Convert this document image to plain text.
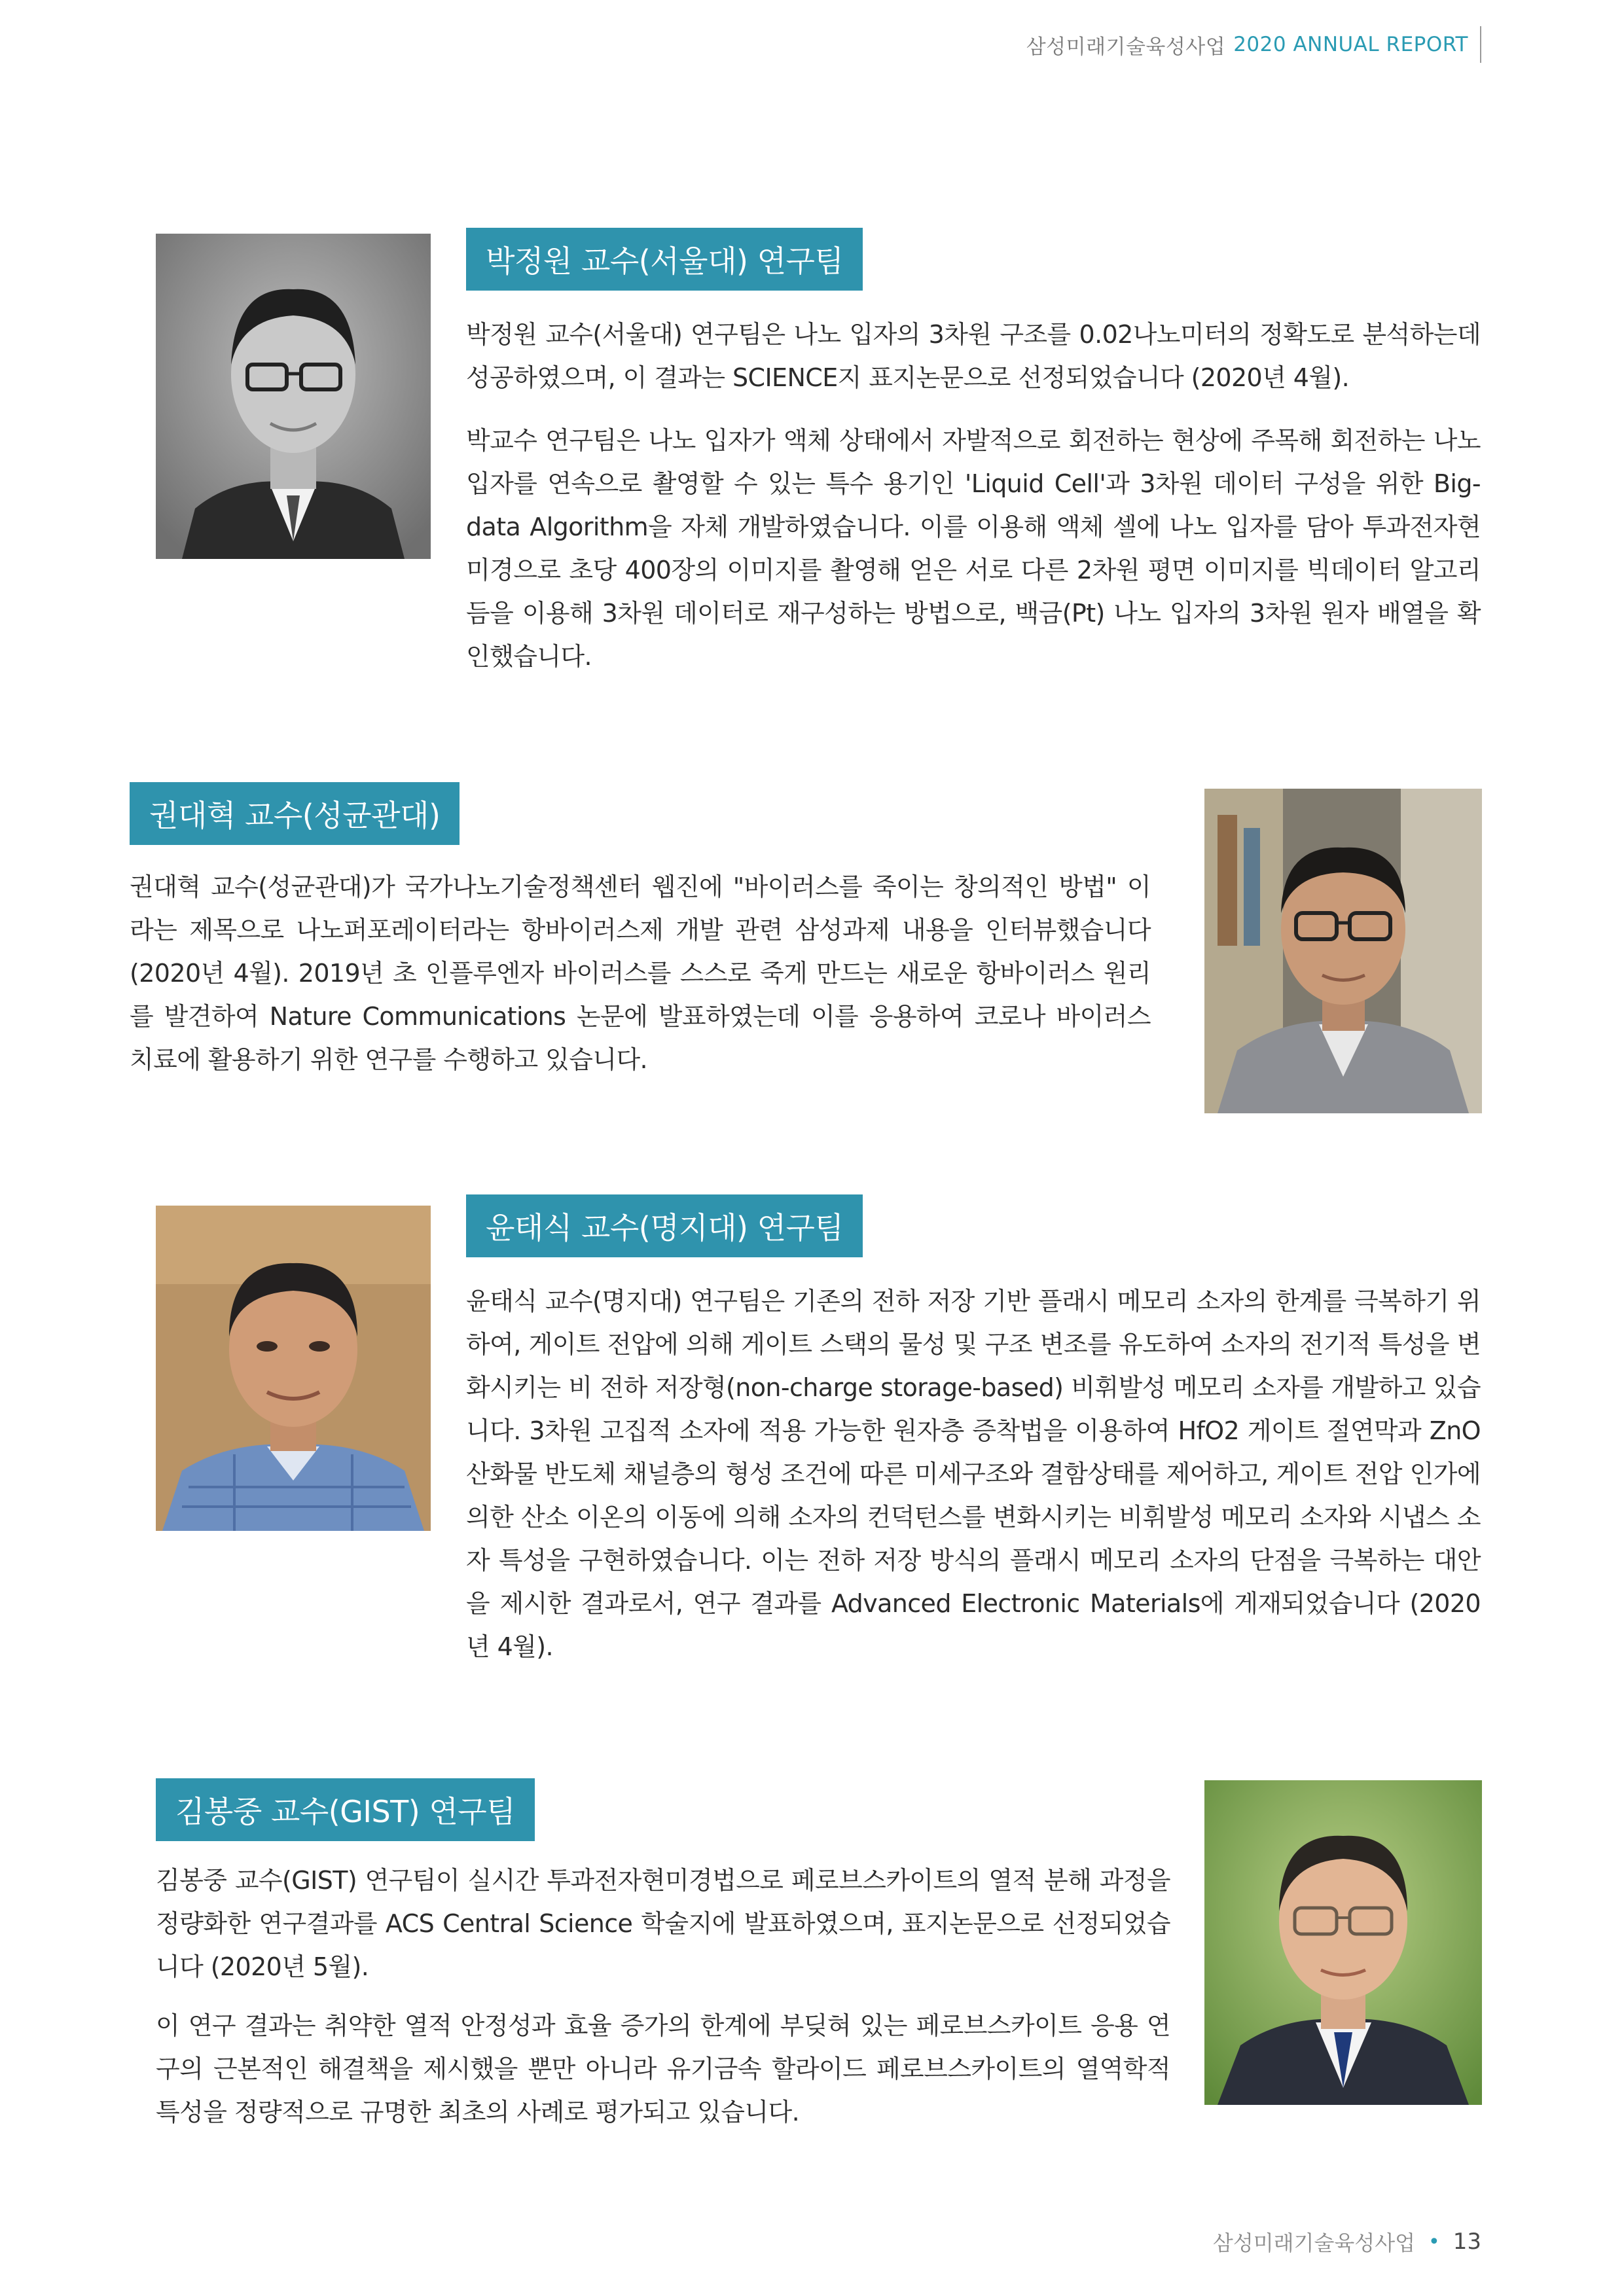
삼성미래기술육성사업 2020 ANNUAL REPORT
박정원 교수(서울대) 연구팀

박정원 교수(서울대) 연구팀은 나노 입자의 3차원 구조를 0.02나노미터의 정확도로 분석하는데 성공하였으며, 이 결과는 SCIENCE지 표지논문으로 선정되었습니다 (2020년 4월).

박교수 연구팀은 나노 입자가 액체 상태에서 자발적으로 회전하는 현상에 주목해 회전하는 나노 입자를 연속으로 촬영할 수 있는 특수 용기인 'Liquid Cell'과 3차원 데이터 구성을 위한 Big-data Algorithm을 자체 개발하였습니다. 이를 이용해 액체 셀에 나노 입자를 담아 투과전자현미경으로 초당 400장의 이미지를 촬영해 얻은 서로 다른 2차원 평면 이미지를 빅데이터 알고리듬을 이용해 3차원 데이터로 재구성하는 방법으로, 백금(Pt) 나노 입자의 3차원 원자 배열을 확인했습니다.

권대혁 교수(성균관대)

권대혁 교수(성균관대)가 국가나노기술정책센터 웹진에 "바이러스를 죽이는 창의적인 방법" 이라는 제목으로 나노퍼포레이터라는 항바이러스제 개발 관련 삼성과제 내용을 인터뷰했습니다(2020년 4월). 2019년 초 인플루엔자 바이러스를 스스로 죽게 만드는 새로운 항바이러스 원리를 발견하여 Nature Communications 논문에 발표하였는데 이를 응용하여 코로나 바이러스 치료에 활용하기 위한 연구를 수행하고 있습니다.

윤태식 교수(명지대) 연구팀

윤태식 교수(명지대) 연구팀은 기존의 전하 저장 기반 플래시 메모리 소자의 한계를 극복하기 위하여, 게이트 전압에 의해 게이트 스택의 물성 및 구조 변조를 유도하여 소자의 전기적 특성을 변화시키는 비 전하 저장형(non-charge storage-based) 비휘발성 메모리 소자를 개발하고 있습니다. 3차원 고집적 소자에 적용 가능한 원자층 증착법을 이용하여 HfO2 게이트 절연막과 ZnO 산화물 반도체 채널층의 형성 조건에 따른 미세구조와 결함상태를 제어하고, 게이트 전압 인가에 의한 산소 이온의 이동에 의해 소자의 컨덕턴스를 변화시키는 비휘발성 메모리 소자와 시냅스 소자 특성을 구현하였습니다. 이는 전하 저장 방식의 플래시 메모리 소자의 단점을 극복하는 대안을 제시한 결과로서, 연구 결과를 Advanced Electronic Materials에 게재되었습니다 (2020년 4월).

김봉중 교수(GIST) 연구팀

김봉중 교수(GIST) 연구팀이 실시간 투과전자현미경법으로 페로브스카이트의 열적 분해 과정을 정량화한 연구결과를 ACS Central Science 학술지에 발표하였으며, 표지논문으로 선정되었습니다 (2020년 5월).

이 연구 결과는 취약한 열적 안정성과 효율 증가의 한계에 부딪혀 있는 페로브스카이트 응용 연구의 근본적인 해결책을 제시했을 뿐만 아니라 유기금속 할라이드 페로브스카이트의 열역학적 특성을 정량적으로 규명한 최초의 사례로 평가되고 있습니다.

삼성미래기술육성사업 • 13
